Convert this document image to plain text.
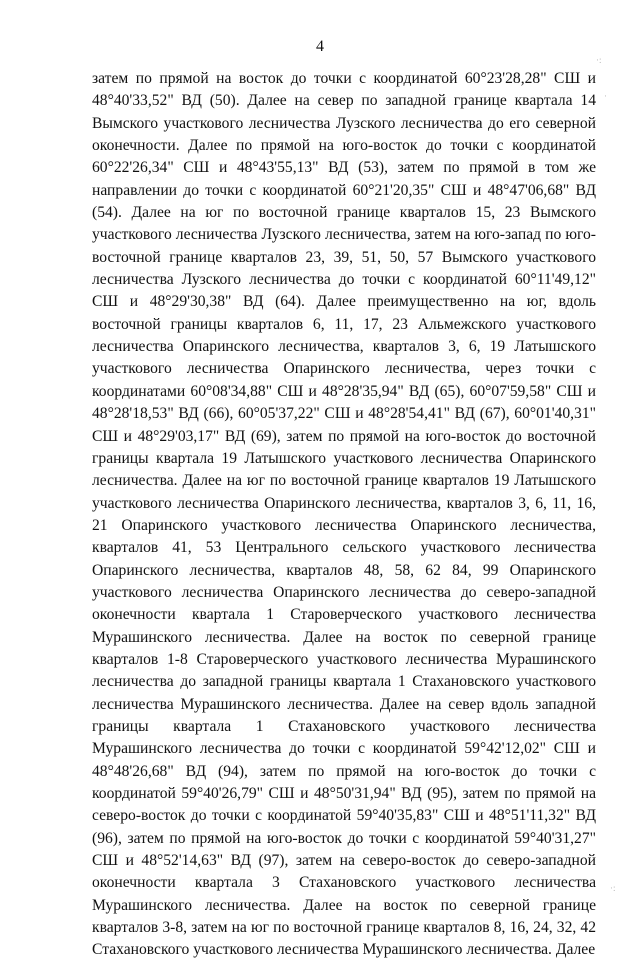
4

затем по прямой на восток до точки с координатой 60°23'28,28" СШ и 48°40'33,52" ВД (50). Далее на север по западной границе квартала 14 Вымского участкового лесничества Лузского лесничества до его северной оконечности. Далее по прямой на юго-восток до точки с координатой 60°22'26,34" СШ и 48°43'55,13" ВД (53), затем по прямой в том же направлении до точки с координатой 60°21'20,35" СШ и 48°47'06,68" ВД (54). Далее на юг по восточной границе кварталов 15, 23 Вымского участкового лесничества Лузского лесничества, затем на юго-запад по юго-восточной границе кварталов 23, 39, 51, 50, 57 Вымского участкового лесничества Лузского лесничества до точки с координатой 60°11'49,12" СШ и 48°29'30,38" ВД (64). Далее преимущественно на юг, вдоль восточной границы кварталов 6, 11, 17, 23 Альмежского участкового лесничества Опаринского лесничества, кварталов 3, 6, 19 Латышского участкового лесничества Опаринского лесничества, через точки с координатами 60°08'34,88" СШ и 48°28'35,94" ВД (65), 60°07'59,58" СШ и 48°28'18,53" ВД (66), 60°05'37,22" СШ и 48°28'54,41" ВД (67), 60°01'40,31" СШ и 48°29'03,17" ВД (69), затем по прямой на юго-восток до восточной границы квартала 19 Латышского участкового лесничества Опаринского лесничества. Далее на юг по восточной границе кварталов 19 Латышского участкового лесничества Опаринского лесничества, кварталов 3, 6, 11, 16, 21 Опаринского участкового лесничества Опаринского лесничества, кварталов 41, 53 Центрального сельского участкового лесничества Опаринского лесничества, кварталов 48, 58, 62 84, 99 Опаринского участкового лесничества Опаринского лесничества до северо-западной оконечности квартала 1 Староверческого участкового лесничества Мурашинского лесничества. Далее на восток по северной границе кварталов 1-8 Староверческого участкового лесничества Мурашинского лесничества до западной границы квартала 1 Стахановского участкового лесничества Мурашинского лесничества. Далее на север вдоль западной границы квартала 1 Стахановского участкового лесничества Мурашинского лесничества до точки с координатой 59°42'12,02" СШ и 48°48'26,68" ВД (94), затем по прямой на юго-восток до точки с координатой 59°40'26,79" СШ и 48°50'31,94" ВД (95), затем по прямой на северо-восток до точки с координатой 59°40'35,83" СШ и 48°51'11,32" ВД (96), затем по прямой на юго-восток до точки с координатой 59°40'31,27" СШ и 48°52'14,63" ВД (97), затем на северо-восток до северо-западной оконечности квартала 3 Стахановского участкового лесничества Мурашинского лесничества. Далее на восток по северной границе кварталов 3-8, затем на юг по восточной границе кварталов 8, 16, 24, 32, 42 Стахановского участкового лесничества Мурашинского лесничества. Далее

·:
·
·:
